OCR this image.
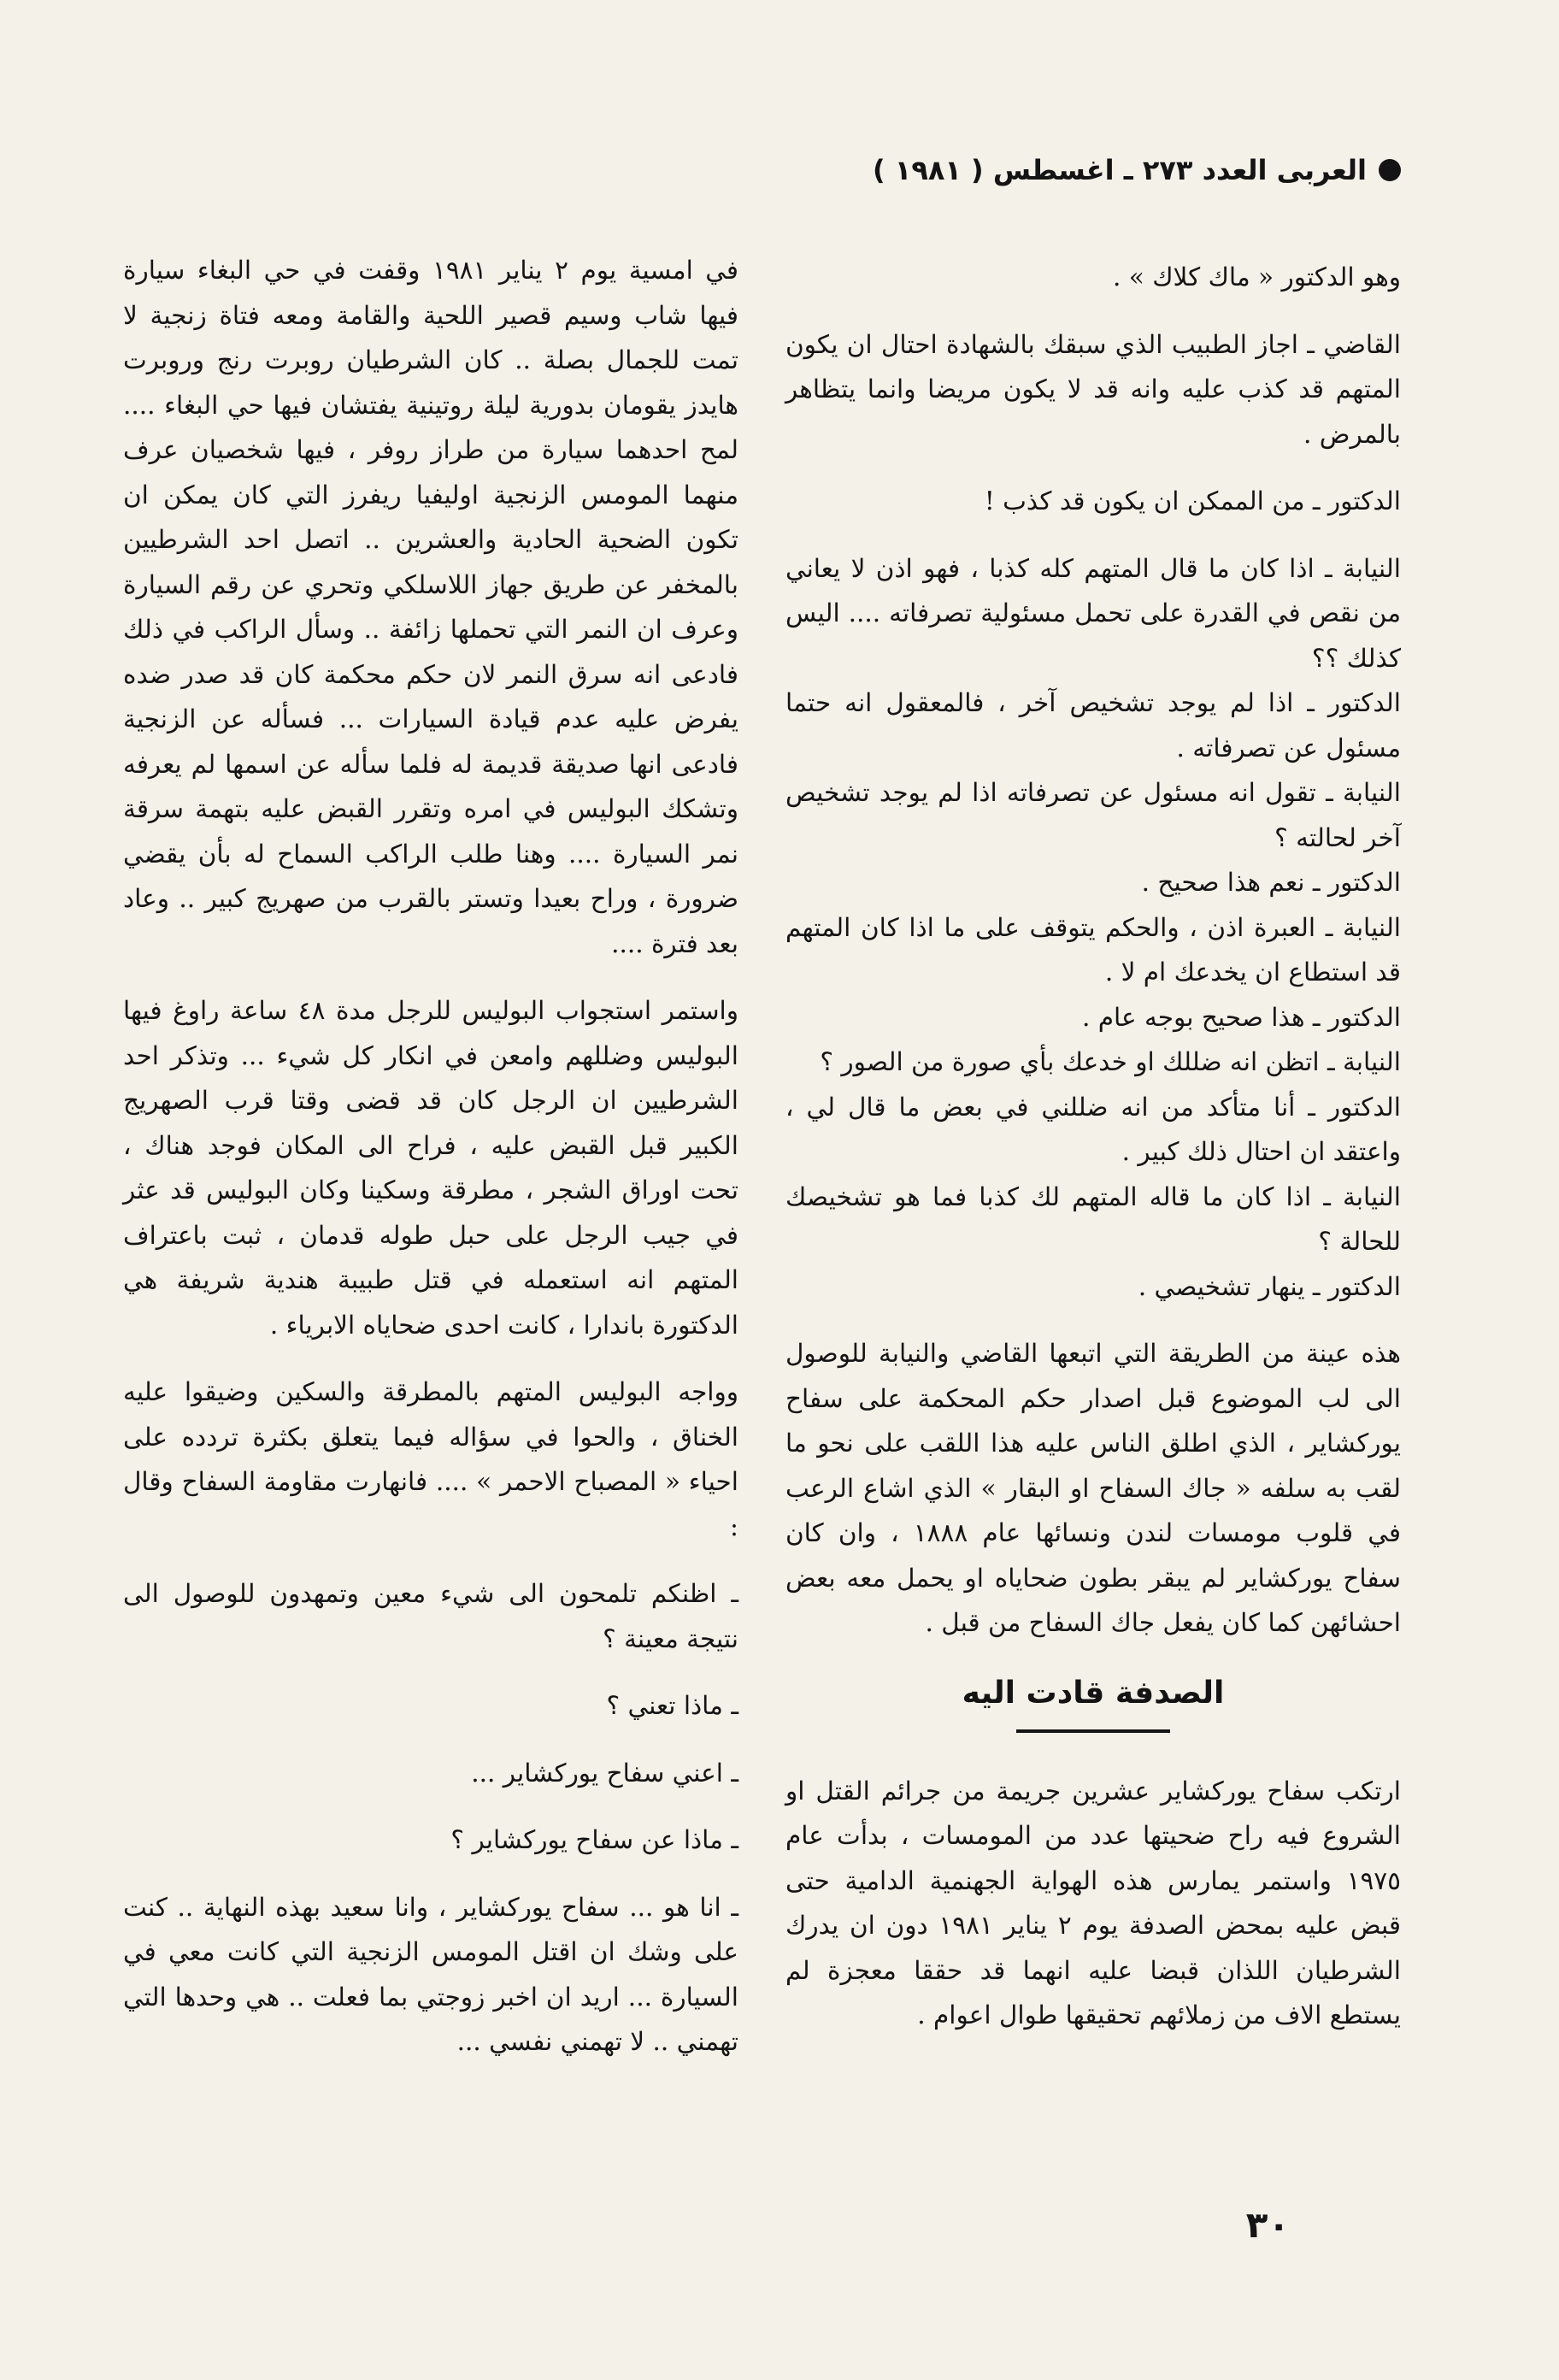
العربى العدد ٢٧٣ ـ اغسطس ( ١٩٨١ )

وهو الدكتور « ماك كلاك » .

القاضي ـ اجاز الطبيب الذي سبقك بالشهادة احتال ان يكون المتهم قد كذب عليه وانه قد لا يكون مريضا وانما يتظاهر بالمرض .

الدكتور ـ من الممكن ان يكون قد كذب !

النيابة ـ اذا كان ما قال المتهم كله كذبا ، فهو اذن لا يعاني من نقص في القدرة على تحمل مسئولية تصرفاته .... اليس كذلك ؟؟

الدكتور ـ اذا لم يوجد تشخيص آخر ، فالمعقول انه حتما مسئول عن تصرفاته .

النيابة ـ تقول انه مسئول عن تصرفاته اذا لم يوجد تشخيص آخر لحالته ؟

الدكتور ـ نعم هذا صحيح .

النيابة ـ العبرة اذن ، والحكم يتوقف على ما اذا كان المتهم قد استطاع ان يخدعك ام لا .

الدكتور ـ هذا صحيح بوجه عام .

النيابة ـ اتظن انه ضللك او خدعك بأي صورة من الصور ؟

الدكتور ـ أنا متأكد من انه ضللني في بعض ما قال لي ، واعتقد ان احتال ذلك كبير .

النيابة ـ اذا كان ما قاله المتهم لك كذبا فما هو تشخيصك للحالة ؟

الدكتور ـ ينهار تشخيصي .

هذه عينة من الطريقة التي اتبعها القاضي والنيابة للوصول الى لب الموضوع قبل اصدار حكم المحكمة على سفاح يوركشاير ، الذي اطلق الناس عليه هذا اللقب على نحو ما لقب به سلفه « جاك السفاح او البقار » الذي اشاع الرعب في قلوب مومسات لندن ونسائها عام ١٨٨٨ ، وان كان سفاح يوركشاير لم يبقر بطون ضحاياه او يحمل معه بعض احشائهن كما كان يفعل جاك السفاح من قبل .

الصدفة قادت اليه

ارتكب سفاح يوركشاير عشرين جريمة من جرائم القتل او الشروع فيه راح ضحيتها عدد من المومسات ، بدأت عام ١٩٧٥ واستمر يمارس هذه الهواية الجهنمية الدامية حتى قبض عليه بمحض الصدفة يوم ٢ يناير ١٩٨١ دون ان يدرك الشرطيان اللذان قبضا عليه انهما قد حققا معجزة لم يستطع الاف من زملائهم تحقيقها طوال اعوام .

في امسية يوم ٢ يناير ١٩٨١ وقفت في حي البغاء سيارة فيها شاب وسيم قصير اللحية والقامة ومعه فتاة زنجية لا تمت للجمال بصلة .. كان الشرطيان روبرت رنج وروبرت هايدز يقومان بدورية ليلة روتينية يفتشان فيها حي البغاء .... لمح احدهما سيارة من طراز روفر ، فيها شخصيان عرف منهما المومس الزنجية اوليفيا ريفرز التي كان يمكن ان تكون الضحية الحادية والعشرين .. اتصل احد الشرطيين بالمخفر عن طريق جهاز اللاسلكي وتحري عن رقم السيارة وعرف ان النمر التي تحملها زائفة .. وسأل الراكب في ذلك فادعى انه سرق النمر لان حكم محكمة كان قد صدر ضده يفرض عليه عدم قيادة السيارات ... فسأله عن الزنجية فادعى انها صديقة قديمة له فلما سأله عن اسمها لم يعرفه وتشكك البوليس في امره وتقرر القبض عليه بتهمة سرقة نمر السيارة .... وهنا طلب الراكب السماح له بأن يقضي ضرورة ، وراح بعيدا وتستر بالقرب من صهريج كبير .. وعاد بعد فترة ....

واستمر استجواب البوليس للرجل مدة ٤٨ ساعة راوغ فيها البوليس وضللهم وامعن في انكار كل شيء ... وتذكر احد الشرطيين ان الرجل كان قد قضى وقتا قرب الصهريج الكبير قبل القبض عليه ، فراح الى المكان فوجد هناك ، تحت اوراق الشجر ، مطرقة وسكينا وكان البوليس قد عثر في جيب الرجل على حبل طوله قدمان ، ثبت باعتراف المتهم انه استعمله في قتل طبيبة هندية شريفة هي الدكتورة باندارا ، كانت احدى ضحاياه الابرياء .

وواجه البوليس المتهم بالمطرقة والسكين وضيقوا عليه الخناق ، والحوا في سؤاله فيما يتعلق بكثرة تردده على احياء « المصباح الاحمر » .... فانهارت مقاومة السفاح وقال :

ـ اظنكم تلمحون الى شيء معين وتمهدون للوصول الى نتيجة معينة ؟

ـ ماذا تعني ؟

ـ اعني سفاح يوركشاير ...

ـ ماذا عن سفاح يوركشاير ؟

ـ انا هو ... سفاح يوركشاير ، وانا سعيد بهذه النهاية .. كنت على وشك ان اقتل المومس الزنجية التي كانت معي في السيارة ... اريد ان اخبر زوجتي بما فعلت .. هي وحدها التي تهمني .. لا تهمني نفسي ...

٣٠
